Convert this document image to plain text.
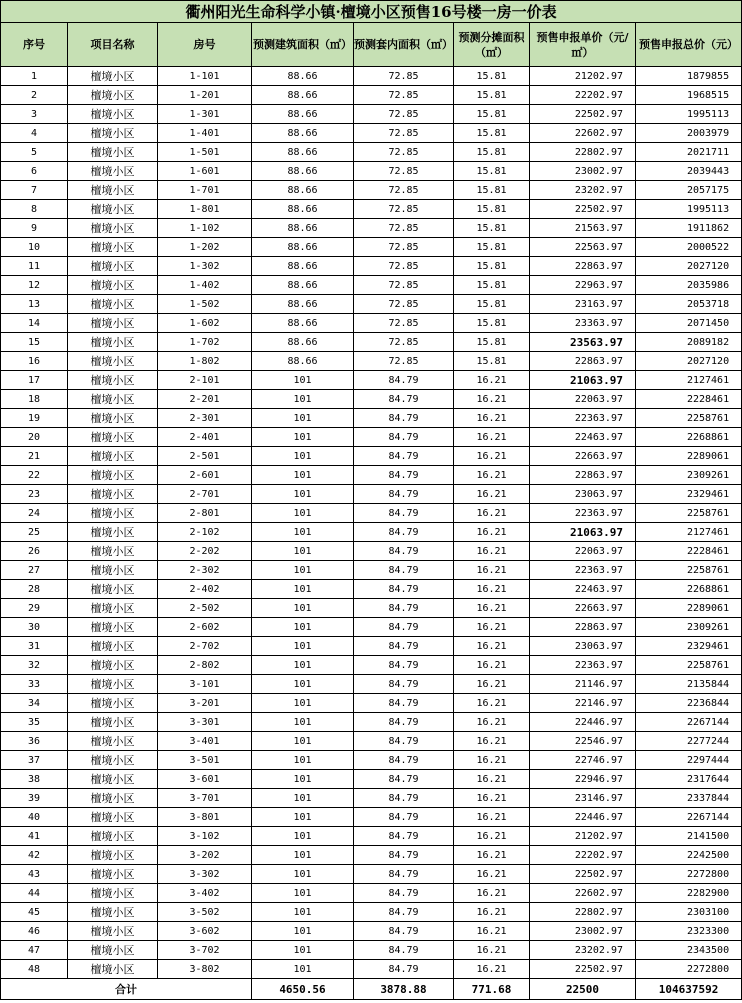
衢州阳光生命科学小镇·檀境小区预售16号楼一房一价表							
序号	项目名称	房号	预测建筑面积（㎡）	预测套内面积（㎡）	预测分摊面积（㎡）	预售申报单价（元/㎡）	预售申报总价（元）
1	檀境小区	1-101	88.66	72.85	15.81	21202.97	1879855
2	檀境小区	1-201	88.66	72.85	15.81	22202.97	1968515
3	檀境小区	1-301	88.66	72.85	15.81	22502.97	1995113
4	檀境小区	1-401	88.66	72.85	15.81	22602.97	2003979
5	檀境小区	1-501	88.66	72.85	15.81	22802.97	2021711
6	檀境小区	1-601	88.66	72.85	15.81	23002.97	2039443
7	檀境小区	1-701	88.66	72.85	15.81	23202.97	2057175
8	檀境小区	1-801	88.66	72.85	15.81	22502.97	1995113
9	檀境小区	1-102	88.66	72.85	15.81	21563.97	1911862
10	檀境小区	1-202	88.66	72.85	15.81	22563.97	2000522
11	檀境小区	1-302	88.66	72.85	15.81	22863.97	2027120
12	檀境小区	1-402	88.66	72.85	15.81	22963.97	2035986
13	檀境小区	1-502	88.66	72.85	15.81	23163.97	2053718
14	檀境小区	1-602	88.66	72.85	15.81	23363.97	2071450
15	檀境小区	1-702	88.66	72.85	15.81	23563.97	2089182
16	檀境小区	1-802	88.66	72.85	15.81	22863.97	2027120
17	檀境小区	2-101	101	84.79	16.21	21063.97	2127461
18	檀境小区	2-201	101	84.79	16.21	22063.97	2228461
19	檀境小区	2-301	101	84.79	16.21	22363.97	2258761
20	檀境小区	2-401	101	84.79	16.21	22463.97	2268861
21	檀境小区	2-501	101	84.79	16.21	22663.97	2289061
22	檀境小区	2-601	101	84.79	16.21	22863.97	2309261
23	檀境小区	2-701	101	84.79	16.21	23063.97	2329461
24	檀境小区	2-801	101	84.79	16.21	22363.97	2258761
25	檀境小区	2-102	101	84.79	16.21	21063.97	2127461
26	檀境小区	2-202	101	84.79	16.21	22063.97	2228461
27	檀境小区	2-302	101	84.79	16.21	22363.97	2258761
28	檀境小区	2-402	101	84.79	16.21	22463.97	2268861
29	檀境小区	2-502	101	84.79	16.21	22663.97	2289061
30	檀境小区	2-602	101	84.79	16.21	22863.97	2309261
31	檀境小区	2-702	101	84.79	16.21	23063.97	2329461
32	檀境小区	2-802	101	84.79	16.21	22363.97	2258761
33	檀境小区	3-101	101	84.79	16.21	21146.97	2135844
34	檀境小区	3-201	101	84.79	16.21	22146.97	2236844
35	檀境小区	3-301	101	84.79	16.21	22446.97	2267144
36	檀境小区	3-401	101	84.79	16.21	22546.97	2277244
37	檀境小区	3-501	101	84.79	16.21	22746.97	2297444
38	檀境小区	3-601	101	84.79	16.21	22946.97	2317644
39	檀境小区	3-701	101	84.79	16.21	23146.97	2337844
40	檀境小区	3-801	101	84.79	16.21	22446.97	2267144
41	檀境小区	3-102	101	84.79	16.21	21202.97	2141500
42	檀境小区	3-202	101	84.79	16.21	22202.97	2242500
43	檀境小区	3-302	101	84.79	16.21	22502.97	2272800
44	檀境小区	3-402	101	84.79	16.21	22602.97	2282900
45	檀境小区	3-502	101	84.79	16.21	22802.97	2303100
46	檀境小区	3-602	101	84.79	16.21	23002.97	2323300
47	檀境小区	3-702	101	84.79	16.21	23202.97	2343500
48	檀境小区	3-802	101	84.79	16.21	22502.97	2272800
合计			4650.56	3878.88	771.68	22500	104637592
